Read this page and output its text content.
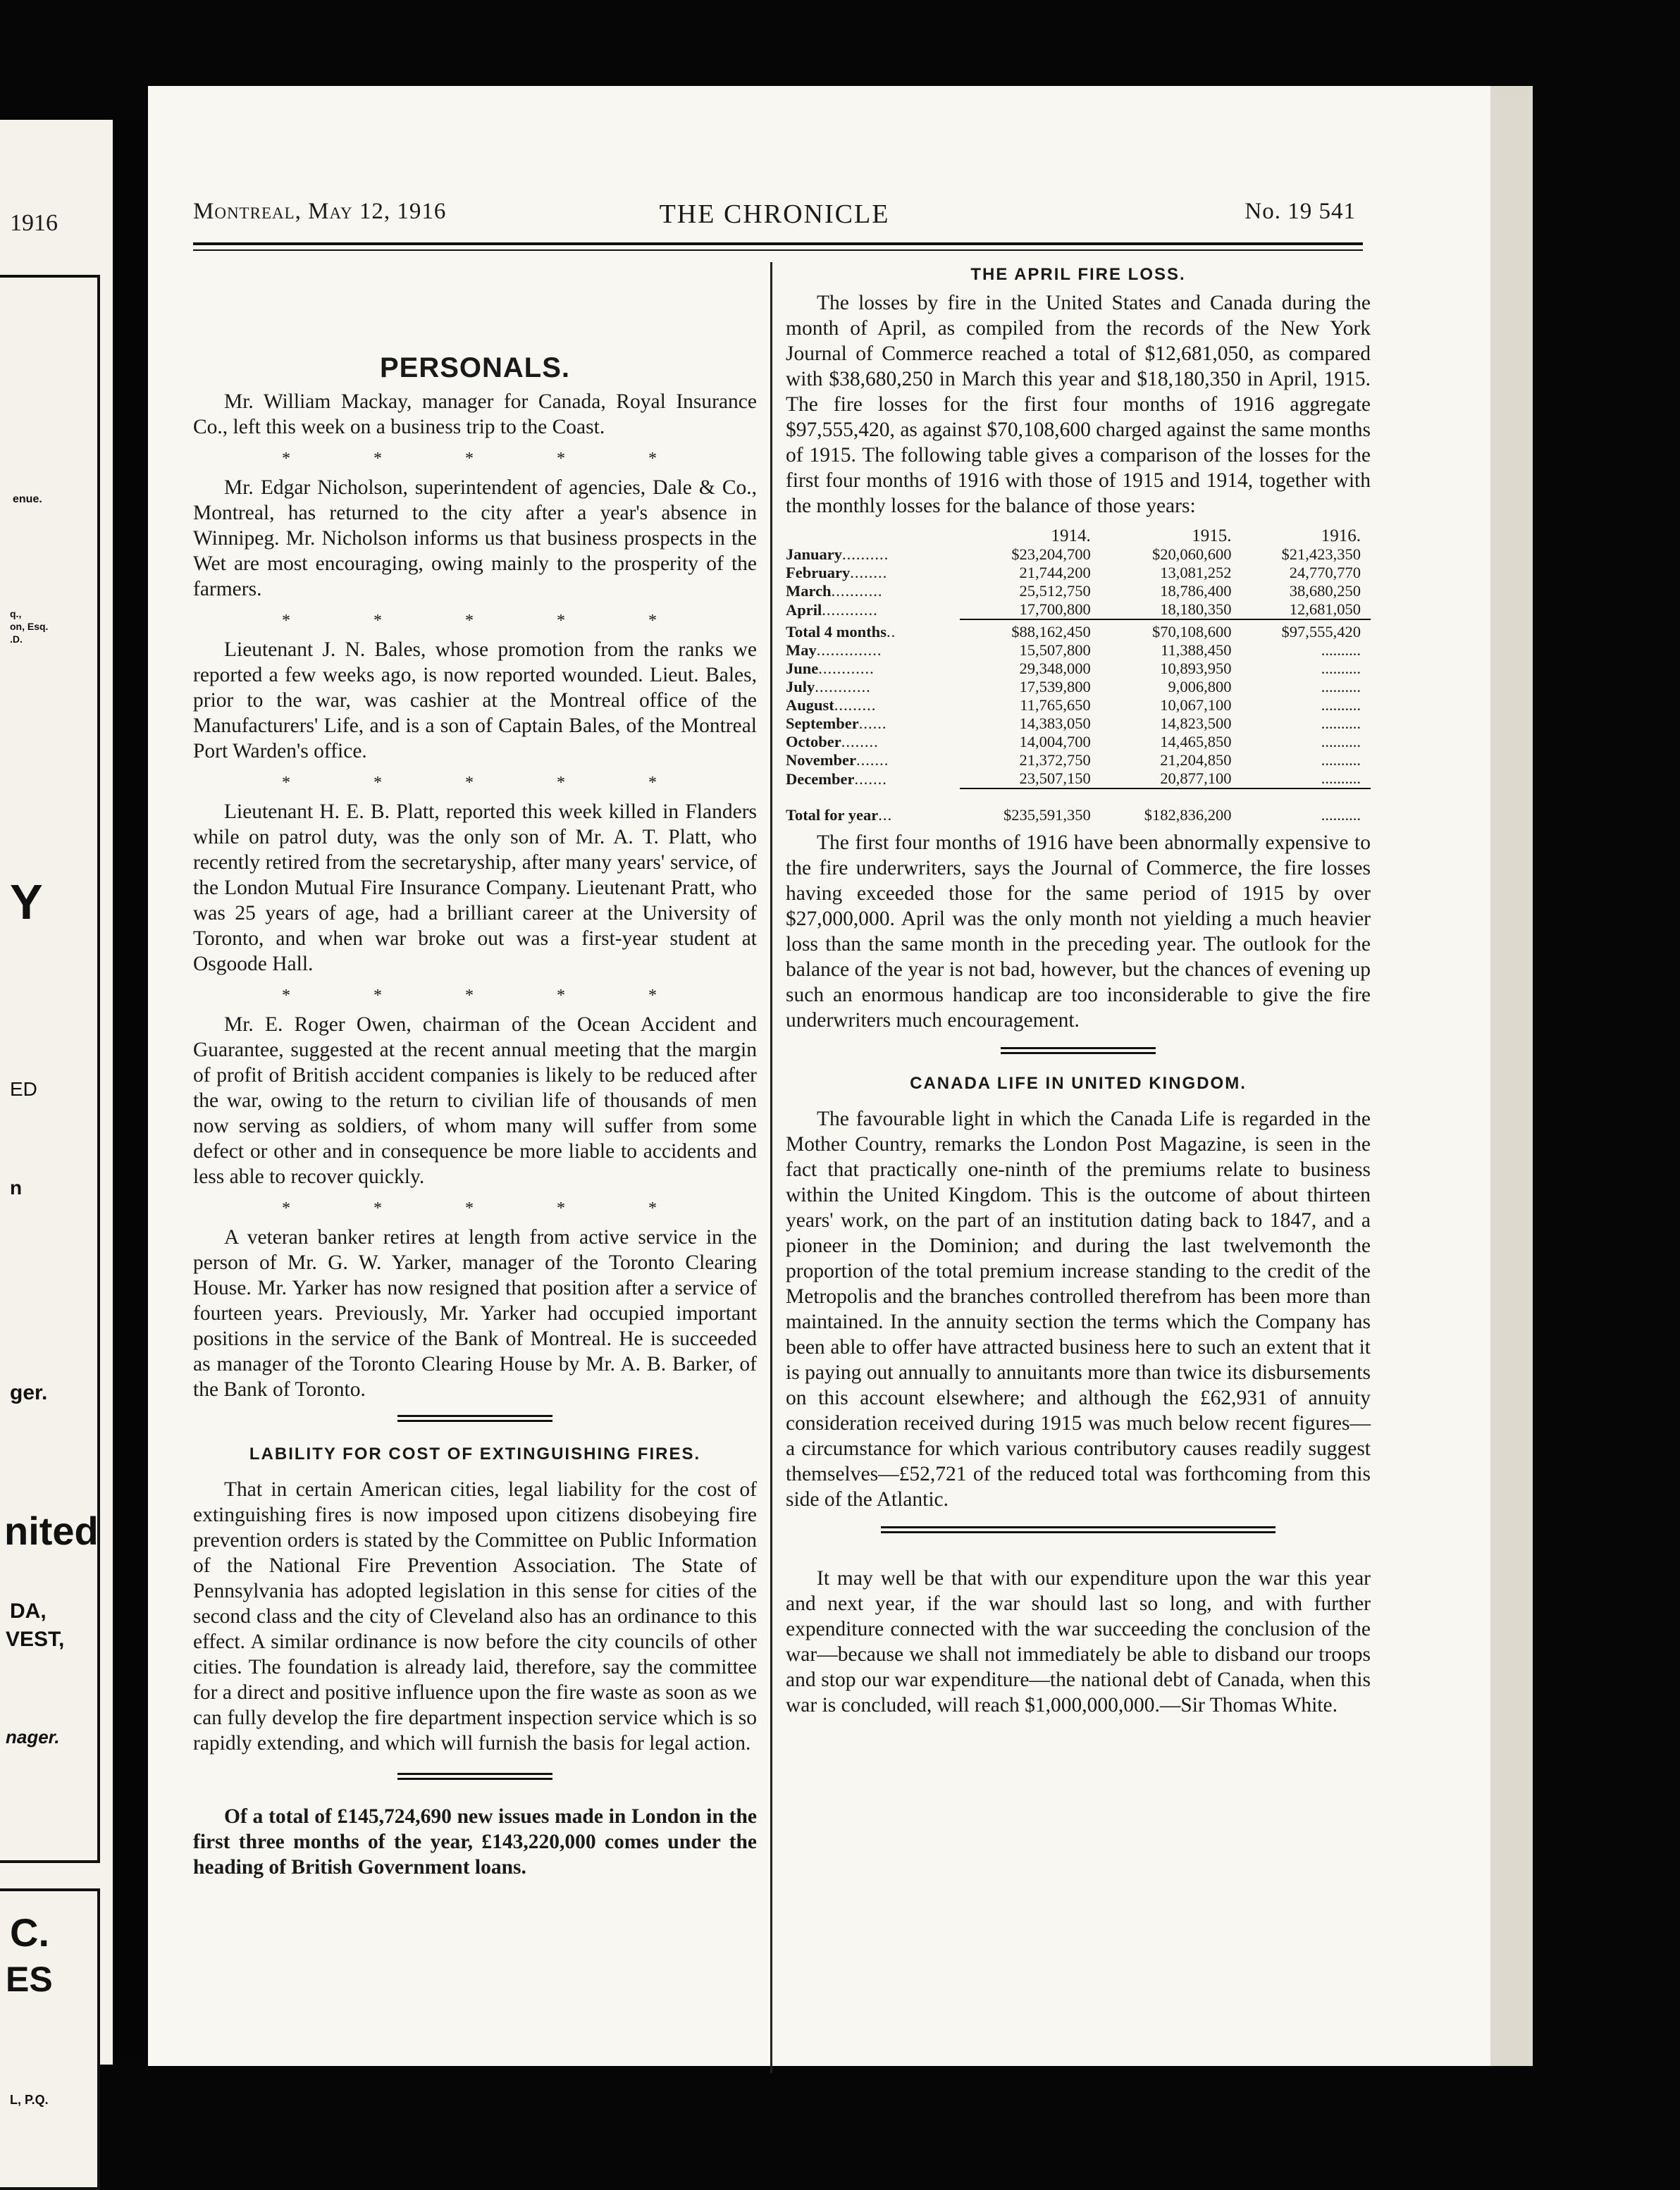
1916
enue.
q.,
on, Esq.
.D.
Y
ED
n
ger.
nited
DA,
VEST,
nager.
C.
ES
L, P.Q.
Montreal, May 12, 1916	THE CHRONICLE	No. 19 541
PERSONALS.

Mr. William Mackay, manager for Canada, Royal Insurance Co., left this week on a business trip to the Coast.

* * * * *

Mr. Edgar Nicholson, superintendent of agencies, Dale & Co., Montreal, has returned to the city after a year's absence in Winnipeg. Mr. Nicholson informs us that business prospects in the Wet are most encouraging, owing mainly to the prosperity of the farmers.

* * * * *

Lieutenant J. N. Bales, whose promotion from the ranks we reported a few weeks ago, is now reported wounded. Lieut. Bales, prior to the war, was cashier at the Montreal office of the Manufacturers' Life, and is a son of Captain Bales, of the Montreal Port Warden's office.

* * * * *

Lieutenant H. E. B. Platt, reported this week killed in Flanders while on patrol duty, was the only son of Mr. A. T. Platt, who recently retired from the secretaryship, after many years' service, of the London Mutual Fire Insurance Company. Lieutenant Pratt, who was 25 years of age, had a brilliant career at the University of Toronto, and when war broke out was a first-year student at Osgoode Hall.

* * * * *

Mr. E. Roger Owen, chairman of the Ocean Accident and Guarantee, suggested at the recent annual meeting that the margin of profit of British accident companies is likely to be reduced after the war, owing to the return to civilian life of thousands of men now serving as soldiers, of whom many will suffer from some defect or other and in consequence be more liable to accidents and less able to recover quickly.

* * * * *

A veteran banker retires at length from active service in the person of Mr. G. W. Yarker, manager of the Toronto Clearing House. Mr. Yarker has now resigned that position after a service of fourteen years. Previously, Mr. Yarker had occupied important positions in the service of the Bank of Montreal. He is succeeded as manager of the Toronto Clearing House by Mr. A. B. Barker, of the Bank of Toronto.

LABILITY FOR COST OF EXTINGUISHING FIRES.

That in certain American cities, legal liability for the cost of extinguishing fires is now imposed upon citizens disobeying fire prevention orders is stated by the Committee on Public Information of the National Fire Prevention Association. The State of Pennsylvania has adopted legislation in this sense for cities of the second class and the city of Cleveland also has an ordinance to this effect. A similar ordinance is now before the city councils of other cities. The foundation is already laid, therefore, say the committee for a direct and positive influence upon the fire waste as soon as we can fully develop the fire department inspection service which is so rapidly extending, and which will furnish the basis for legal action.

Of a total of £145,724,690 new issues made in London in the first three months of the year, £143,220,000 comes under the heading of British Government loans.

THE APRIL FIRE LOSS.

The losses by fire in the United States and Canada during the month of April, as compiled from the records of the New York Journal of Commerce reached a total of $12,681,050, as compared with $38,680,250 in March this year and $18,180,350 in April, 1915. The fire losses for the first four months of 1916 aggregate $97,555,420, as against $70,108,600 charged against the same months of 1915. The following table gives a comparison of the losses for the first four months of 1916 with those of 1915 and 1914, together with the monthly losses for the balance of those years:

	1914.	1915.	1916.
January..........	$23,204,700	$20,060,600	$21,423,350
February........	21,744,200	13,081,252	24,770,770
March...........	25,512,750	18,786,400	38,680,250
April............	17,700,800	18,180,350	12,681,050

Total 4 months..	$88,162,450	$70,108,600	$97,555,420
May..............	15,507,800	11,388,450	..........
June............	29,348,000	10,893,950	..........
July............	17,539,800	9,006,800	..........
August.........	11,765,650	10,067,100	..........
September......	14,383,050	14,823,500	..........
October........	14,004,700	14,465,850	..........
November.......	21,372,750	21,204,850	..........
December.......	23,507,150	20,877,100	..........

Total for year...	$235,591,350	$182,836,200	..........

The first four months of 1916 have been abnormally expensive to the fire underwriters, says the Journal of Commerce, the fire losses having exceeded those for the same period of 1915 by over $27,000,000. April was the only month not yielding a much heavier loss than the same month in the preceding year. The outlook for the balance of the year is not bad, however, but the chances of evening up such an enormous handicap are too inconsiderable to give the fire underwriters much encouragement.

CANADA LIFE IN UNITED KINGDOM.

The favourable light in which the Canada Life is regarded in the Mother Country, remarks the London Post Magazine, is seen in the fact that practically one-ninth of the premiums relate to business within the United Kingdom. This is the outcome of about thirteen years' work, on the part of an institution dating back to 1847, and a pioneer in the Dominion; and during the last twelvemonth the proportion of the total premium increase standing to the credit of the Metropolis and the branches controlled therefrom has been more than maintained. In the annuity section the terms which the Company has been able to offer have attracted business here to such an extent that it is paying out annually to annuitants more than twice its disbursements on this account elsewhere; and although the £62,931 of annuity consideration received during 1915 was much below recent figures—a circumstance for which various contributory causes readily suggest themselves—£52,721 of the reduced total was forthcoming from this side of the Atlantic.

It may well be that with our expenditure upon the war this year and next year, if the war should last so long, and with further expenditure connected with the war succeeding the conclusion of the war—because we shall not immediately be able to disband our troops and stop our war expenditure—the national debt of Canada, when this war is concluded, will reach $1,000,000,000.—Sir Thomas White.
